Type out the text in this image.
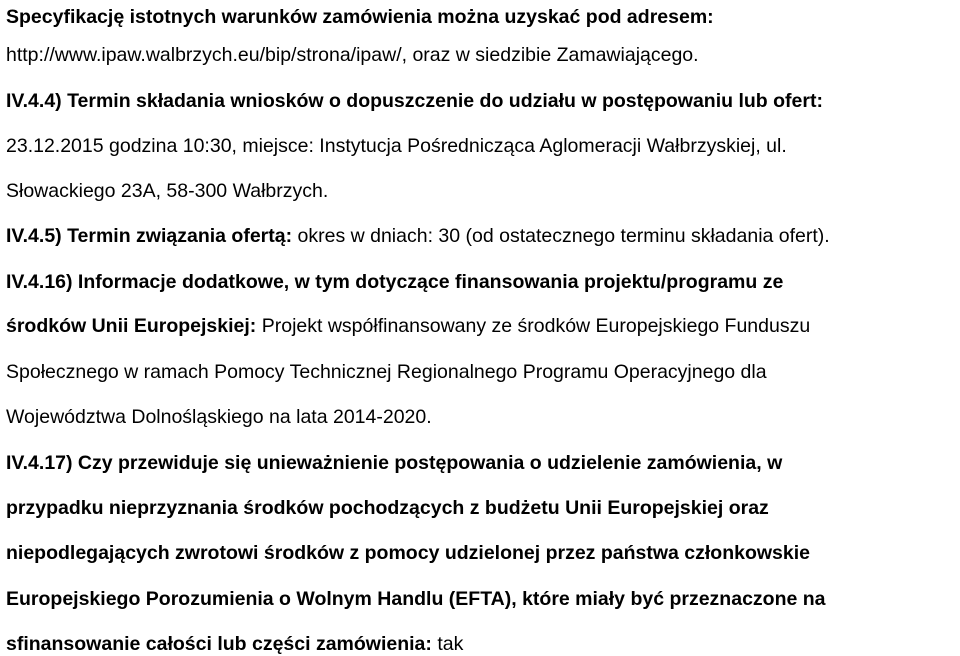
Specyfikację istotnych warunków zamówienia można uzyskać pod adresem:
http://www.ipaw.walbrzych.eu/bip/strona/ipaw/, oraz w siedzibie Zamawiającego.
IV.4.4) Termin składania wniosków o dopuszczenie do udziału w postępowaniu lub ofert:
23.12.2015 godzina 10:30, miejsce: Instytucja Pośrednicząca Aglomeracji Wałbrzyskiej, ul.
Słowackiego 23A, 58-300 Wałbrzych.
IV.4.5) Termin związania ofertą: okres w dniach: 30 (od ostatecznego terminu składania ofert).
IV.4.16) Informacje dodatkowe, w tym dotyczące finansowania projektu/programu ze
środków Unii Europejskiej: Projekt współfinansowany ze środków Europejskiego Funduszu
Społecznego w ramach Pomocy Technicznej Regionalnego Programu Operacyjnego dla
Województwa Dolnośląskiego na lata 2014-2020.
IV.4.17) Czy przewiduje się unieważnienie postępowania o udzielenie zamówienia, w
przypadku nieprzyznania środków pochodzących z budżetu Unii Europejskiej oraz
niepodlegających zwrotowi środków z pomocy udzielonej przez państwa członkowskie
Europejskiego Porozumienia o Wolnym Handlu (EFTA), które miały być przeznaczone na
sfinansowanie całości lub części zamówienia: tak
